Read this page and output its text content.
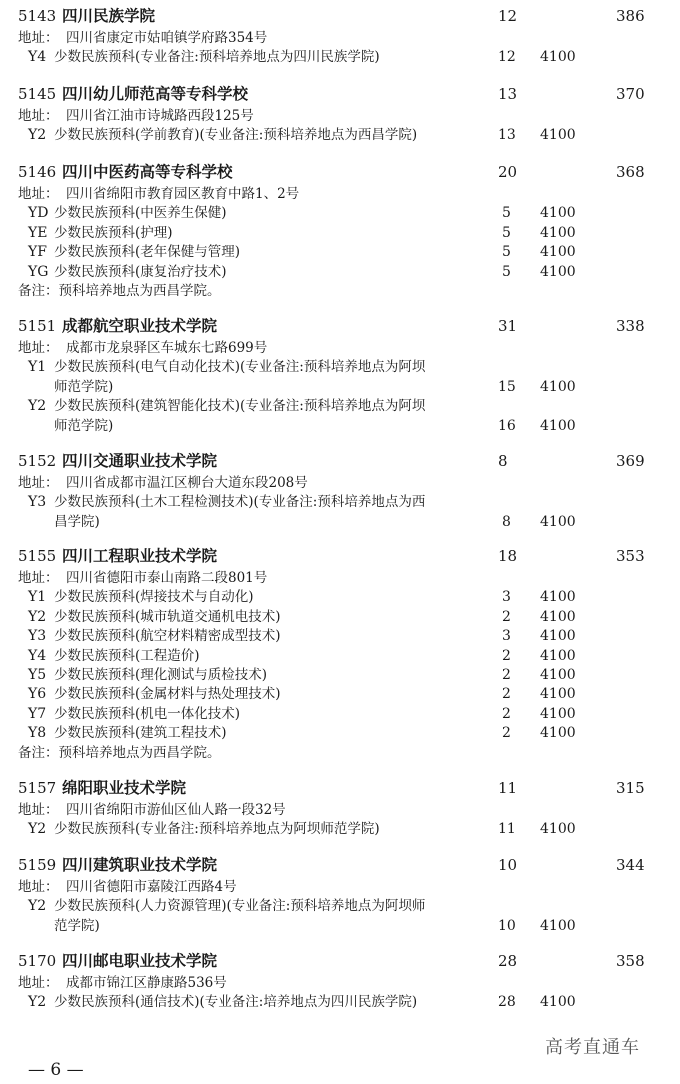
5143 四川民族学院	12	386
地址： 四川省康定市姑咱镇学府路354号
Y4 少数民族预科(专业备注:预科培养地点为四川民族学院)	12 4100
5145 四川幼儿师范高等专科学校	13	370
地址： 四川省江油市诗城路西段125号
Y2 少数民族预科(学前教育)(专业备注:预科培养地点为西昌学院)	13 4100
5146 四川中医药高等专科学校	20	368
地址： 四川省绵阳市教育园区教育中路1、2号
YD 少数民族预科(中医养生保健)	5 4100
YE 少数民族预科(护理)	5 4100
YF 少数民族预科(老年保健与管理)	5 4100
YG 少数民族预科(康复治疗技术)	5 4100
备注：预科培养地点为西昌学院。
5151 成都航空职业技术学院	31	338
地址： 成都市龙泉驿区车城东七路699号
Y1 少数民族预科(电气自动化技术)(专业备注:预科培养地点为阿坝
师范学院)	15 4100
Y2 少数民族预科(建筑智能化技术)(专业备注:预科培养地点为阿坝
师范学院)	16 4100
5152 四川交通职业技术学院	8	369
地址： 四川省成都市温江区柳台大道东段208号
Y3 少数民族预科(土木工程检测技术)(专业备注:预科培养地点为西
昌学院)	8 4100
5155 四川工程职业技术学院	18	353
地址： 四川省德阳市泰山南路二段801号
Y1 少数民族预科(焊接技术与自动化)	3 4100
Y2 少数民族预科(城市轨道交通机电技术)	2 4100
Y3 少数民族预科(航空材料精密成型技术)	3 4100
Y4 少数民族预科(工程造价)	2 4100
Y5 少数民族预科(理化测试与质检技术)	2 4100
Y6 少数民族预科(金属材料与热处理技术)	2 4100
Y7 少数民族预科(机电一体化技术)	2 4100
Y8 少数民族预科(建筑工程技术)	2 4100
备注：预科培养地点为西昌学院。
5157 绵阳职业技术学院	11	315
地址： 四川省绵阳市游仙区仙人路一段32号
Y2 少数民族预科(专业备注:预科培养地点为阿坝师范学院)	11 4100
5159 四川建筑职业技术学院	10	344
地址： 四川省德阳市嘉陵江西路4号
Y2 少数民族预科(人力资源管理)(专业备注:预科培养地点为阿坝师
范学院)	10 4100
5170 四川邮电职业技术学院	28	358
地址： 成都市锦江区静康路536号
Y2 少数民族预科(通信技术)(专业备注:培养地点为四川民族学院)	28 4100
高考直通车
— 6 —
